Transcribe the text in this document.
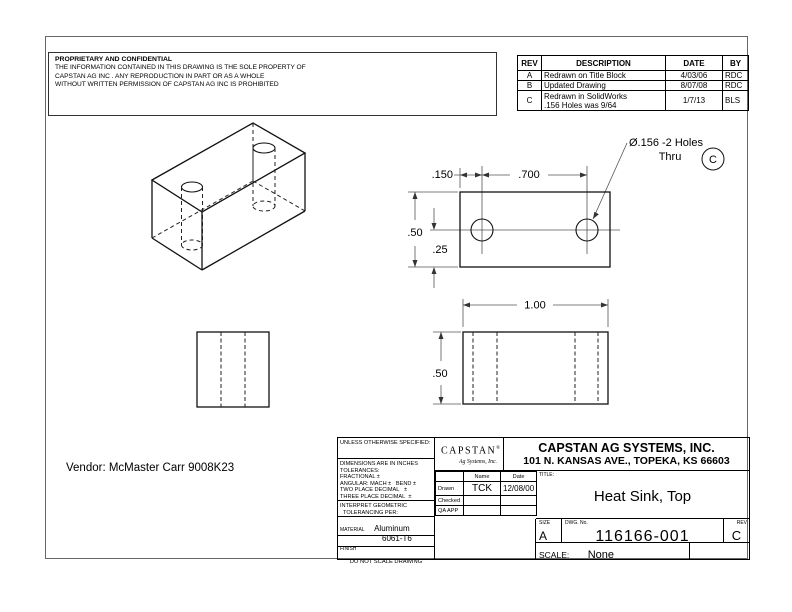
PROPRIETARY AND CONFIDENTIAL
THE INFORMATION CONTAINED IN THIS DRAWING IS THE SOLE PROPERTY OF
CAPSTAN AG INC . ANY REPRODUCTION IN PART OR AS A WHOLE
WITHOUT WRITTEN PERMISSION OF CAPSTAN AG INC IS PROHIBITED
REV	DESCRIPTION	DATE	BY
A	Redrawn on Title Block	4/03/06	RDC
B	Updated Drawing	8/07/08	RDC
C	Redrawn in SolidWorks
.156 Holes was 9/64	1/7/13	BLS
.150	.700
.50
.25
Ø.156 -2 Holes
Thru	C
1.00
.50
Vendor: McMaster Carr 9008K23
UNLESS OTHERWISE SPECIFIED:
DIMENSIONS ARE IN INCHES
TOLERANCES:
FRACTIONAL ±
ANGULAR: MACH ±   BEND ±
TWO PLACE DECIMAL   ±
THREE PLACE DECIMAL  ±
INTERPRET GEOMETRIC
TOLERANCING PER:
MATERIAL Aluminum
6061-T6
FINISH
DO NOT SCALE DRAWING
CAPSTAN®
Ag Systems, Inc.
	Name	Date
Drawn	TCK	12/08/00
Checked		
QA APP		
CAPSTAN AG SYSTEMS, INC.
101 N. KANSAS AVE., TOPEKA, KS 66603
TITLE:
Heat Sink, Top
SIZE
A
DWG. No.
116166-001
REV
C
SCALE: None
